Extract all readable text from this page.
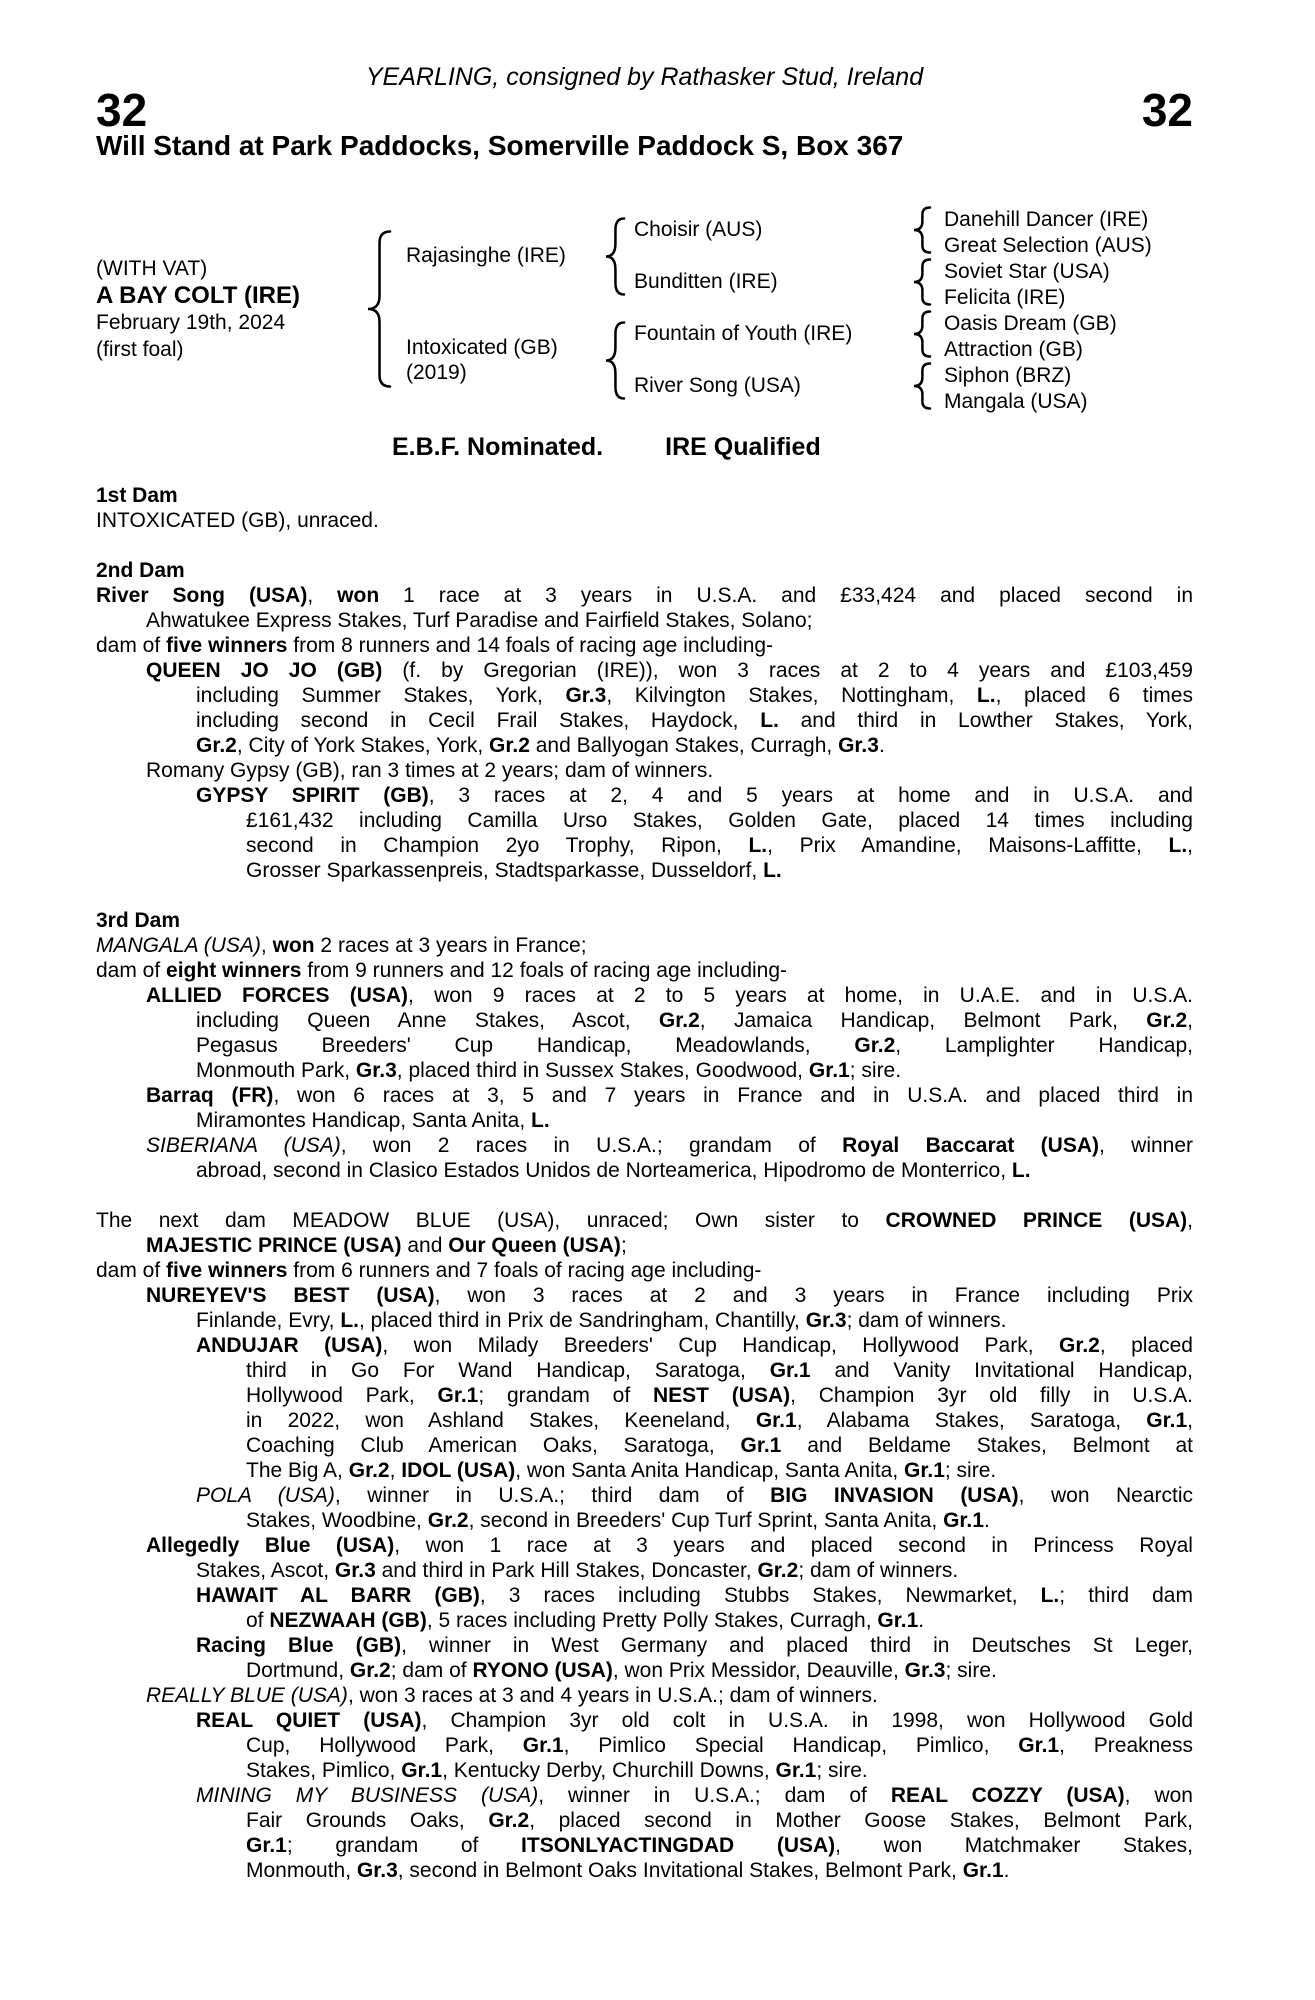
YEARLING, consigned by Rathasker Stud, Ireland
32	32
Will Stand at Park Paddocks, Somerville Paddock S, Box 367
(WITH VAT)
A BAY COLT (IRE)
February 19th, 2024
(first foal)
Rajasinghe (IRE)
Intoxicated (GB)
(2019)
Choisir (AUS)
Bunditten (IRE)
Fountain of Youth (IRE)
River Song (USA)
Danehill Dancer (IRE)
Great Selection (AUS)
Soviet Star (USA)
Felicita (IRE)
Oasis Dream (GB)
Attraction (GB)
Siphon (BRZ)
Mangala (USA)
E.B.F. Nominated. IRE Qualified
1st Dam
INTOXICATED (GB), unraced.
2nd Dam
River Song (USA), won 1 race at 3 years in U.S.A. and £33,424 and placed second in
Ahwatukee Express Stakes, Turf Paradise and Fairfield Stakes, Solano;
dam of five winners from 8 runners and 14 foals of racing age including-
QUEEN JO JO (GB) (f. by Gregorian (IRE)), won 3 races at 2 to 4 years and £103,459
including Summer Stakes, York, Gr.3, Kilvington Stakes, Nottingham, L., placed 6 times
including second in Cecil Frail Stakes, Haydock, L. and third in Lowther Stakes, York,
Gr.2, City of York Stakes, York, Gr.2 and Ballyogan Stakes, Curragh, Gr.3.
Romany Gypsy (GB), ran 3 times at 2 years; dam of winners.
GYPSY SPIRIT (GB), 3 races at 2, 4 and 5 years at home and in U.S.A. and
£161,432 including Camilla Urso Stakes, Golden Gate, placed 14 times including
second in Champion 2yo Trophy, Ripon, L., Prix Amandine, Maisons-Laffitte, L.,
Grosser Sparkassenpreis, Stadtsparkasse, Dusseldorf, L.
3rd Dam
MANGALA (USA), won 2 races at 3 years in France;
dam of eight winners from 9 runners and 12 foals of racing age including-
ALLIED FORCES (USA), won 9 races at 2 to 5 years at home, in U.A.E. and in U.S.A.
including Queen Anne Stakes, Ascot, Gr.2, Jamaica Handicap, Belmont Park, Gr.2,
Pegasus Breeders' Cup Handicap, Meadowlands, Gr.2, Lamplighter Handicap,
Monmouth Park, Gr.3, placed third in Sussex Stakes, Goodwood, Gr.1; sire.
Barraq (FR), won 6 races at 3, 5 and 7 years in France and in U.S.A. and placed third in
Miramontes Handicap, Santa Anita, L.
SIBERIANA (USA), won 2 races in U.S.A.; grandam of Royal Baccarat (USA), winner
abroad, second in Clasico Estados Unidos de Norteamerica, Hipodromo de Monterrico, L.
The next dam MEADOW BLUE (USA), unraced; Own sister to CROWNED PRINCE (USA),
MAJESTIC PRINCE (USA) and Our Queen (USA);
dam of five winners from 6 runners and 7 foals of racing age including-
NUREYEV'S BEST (USA), won 3 races at 2 and 3 years in France including Prix
Finlande, Evry, L., placed third in Prix de Sandringham, Chantilly, Gr.3; dam of winners.
ANDUJAR (USA), won Milady Breeders' Cup Handicap, Hollywood Park, Gr.2, placed
third in Go For Wand Handicap, Saratoga, Gr.1 and Vanity Invitational Handicap,
Hollywood Park, Gr.1; grandam of NEST (USA), Champion 3yr old filly in U.S.A.
in 2022, won Ashland Stakes, Keeneland, Gr.1, Alabama Stakes, Saratoga, Gr.1,
Coaching Club American Oaks, Saratoga, Gr.1 and Beldame Stakes, Belmont at
The Big A, Gr.2, IDOL (USA), won Santa Anita Handicap, Santa Anita, Gr.1; sire.
POLA (USA), winner in U.S.A.; third dam of BIG INVASION (USA), won Nearctic
Stakes, Woodbine, Gr.2, second in Breeders' Cup Turf Sprint, Santa Anita, Gr.1.
Allegedly Blue (USA), won 1 race at 3 years and placed second in Princess Royal
Stakes, Ascot, Gr.3 and third in Park Hill Stakes, Doncaster, Gr.2; dam of winners.
HAWAIT AL BARR (GB), 3 races including Stubbs Stakes, Newmarket, L.; third dam
of NEZWAAH (GB), 5 races including Pretty Polly Stakes, Curragh, Gr.1.
Racing Blue (GB), winner in West Germany and placed third in Deutsches St Leger,
Dortmund, Gr.2; dam of RYONO (USA), won Prix Messidor, Deauville, Gr.3; sire.
REALLY BLUE (USA), won 3 races at 3 and 4 years in U.S.A.; dam of winners.
REAL QUIET (USA), Champion 3yr old colt in U.S.A. in 1998, won Hollywood Gold
Cup, Hollywood Park, Gr.1, Pimlico Special Handicap, Pimlico, Gr.1, Preakness
Stakes, Pimlico, Gr.1, Kentucky Derby, Churchill Downs, Gr.1; sire.
MINING MY BUSINESS (USA), winner in U.S.A.; dam of REAL COZZY (USA), won
Fair Grounds Oaks, Gr.2, placed second in Mother Goose Stakes, Belmont Park,
Gr.1; grandam of ITSONLYACTINGDAD (USA), won Matchmaker Stakes,
Monmouth, Gr.3, second in Belmont Oaks Invitational Stakes, Belmont Park, Gr.1.
